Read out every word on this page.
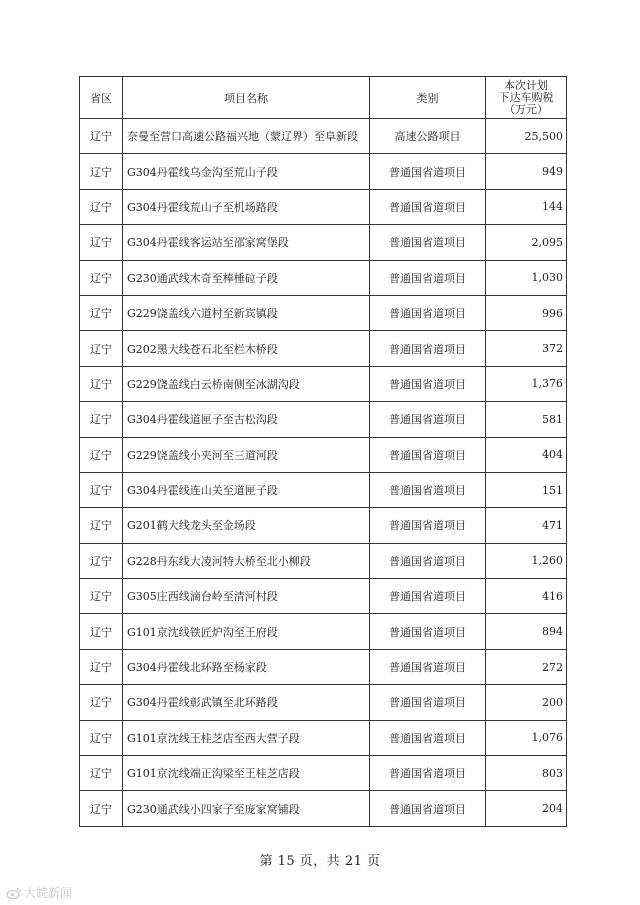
省区	项目名称	类别	本次计划
下达车购税
（万元）

辽宁	奈曼至营口高速公路福兴地（蒙辽界）至阜新段	高速公路项目	25,500
辽宁	G304丹霍线乌金沟至荒山子段	普通国省道项目	949
辽宁	G304丹霍线荒山子至机场路段	普通国省道项目	144
辽宁	G304丹霍线客运站至邵家窝堡段	普通国省道项目	2,095
辽宁	G230通武线木奇至棒棰砬子段	普通国省道项目	1,030
辽宁	G229饶盖线六道村至新宾镇段	普通国省道项目	996
辽宁	G202黑大线苍石北至栏木桥段	普通国省道项目	372
辽宁	G229饶盖线白云桥南侧至冰湖沟段	普通国省道项目	1,376
辽宁	G304丹霍线道匣子至古松沟段	普通国省道项目	581
辽宁	G229饶盖线小夹河至三道河段	普通国省道项目	404
辽宁	G304丹霍线连山关至道匣子段	普通国省道项目	151
辽宁	G201鹤大线龙头至金场段	普通国省道项目	471
辽宁	G228丹东线大凌河特大桥至北小柳段	普通国省道项目	1,260
辽宁	G305庄西线滴台岭至清河村段	普通国省道项目	416
辽宁	G101京沈线铁匠炉沟至王府段	普通国省道项目	894
辽宁	G304丹霍线北环路至杨家段	普通国省道项目	272
辽宁	G304丹霍线彰武镇至北环路段	普通国省道项目	200
辽宁	G101京沈线王桂芝店至西大营子段	普通国省道项目	1,076
辽宁	G101京沈线端正沟梁至王桂芝店段	普通国省道项目	803
辽宁	G230通武线小四家子至庞家窝铺段	普通国省道项目	204
第 15 页，共 21 页
大皖新闻
